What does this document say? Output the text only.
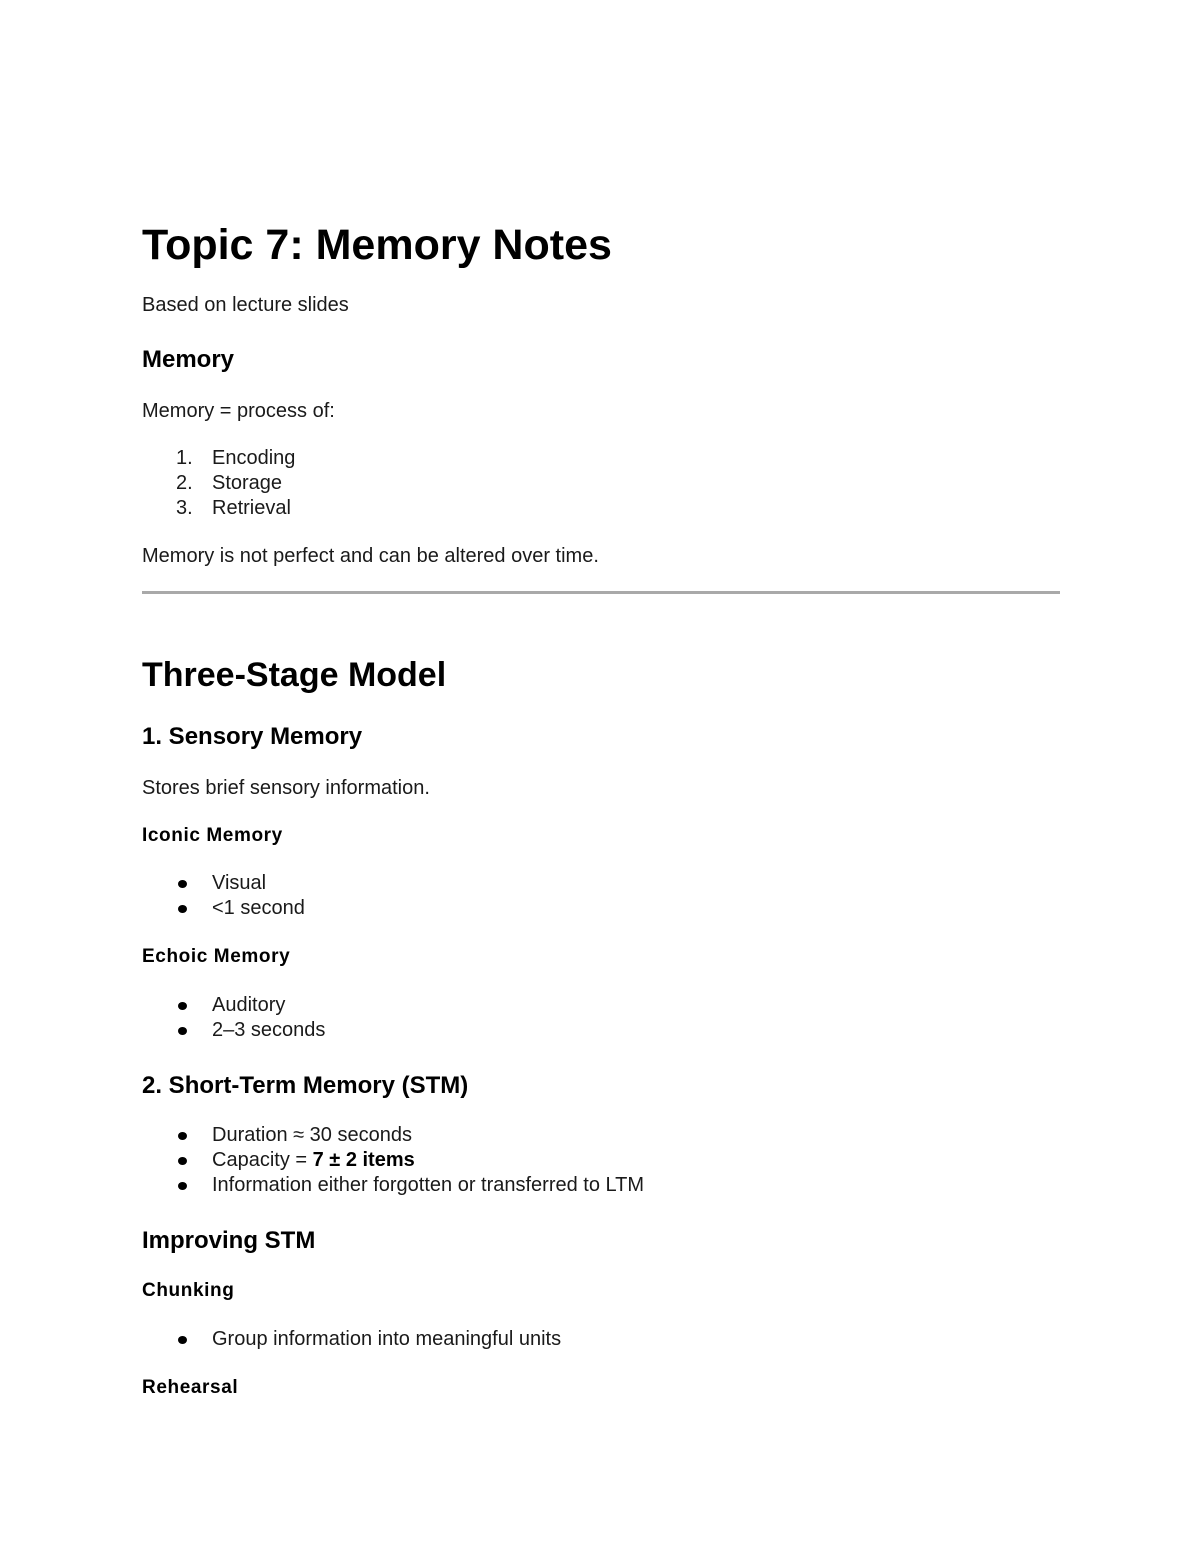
Topic 7: Memory Notes

Based on lecture slides

Memory

Memory = process of:

1. Encoding
2. Storage
3. Retrieval

Memory is not perfect and can be altered over time.

Three-Stage Model
1. Sensory Memory

Stores brief sensory information.

Iconic Memory
Visual
<1 second
Echoic Memory
Auditory
2–3 seconds
2. Short-Term Memory (STM)
Duration ≈ 30 seconds
Capacity = 7 ± 2 items
Information either forgotten or transferred to LTM
Improving STM
Chunking
Group information into meaningful units
Rehearsal
